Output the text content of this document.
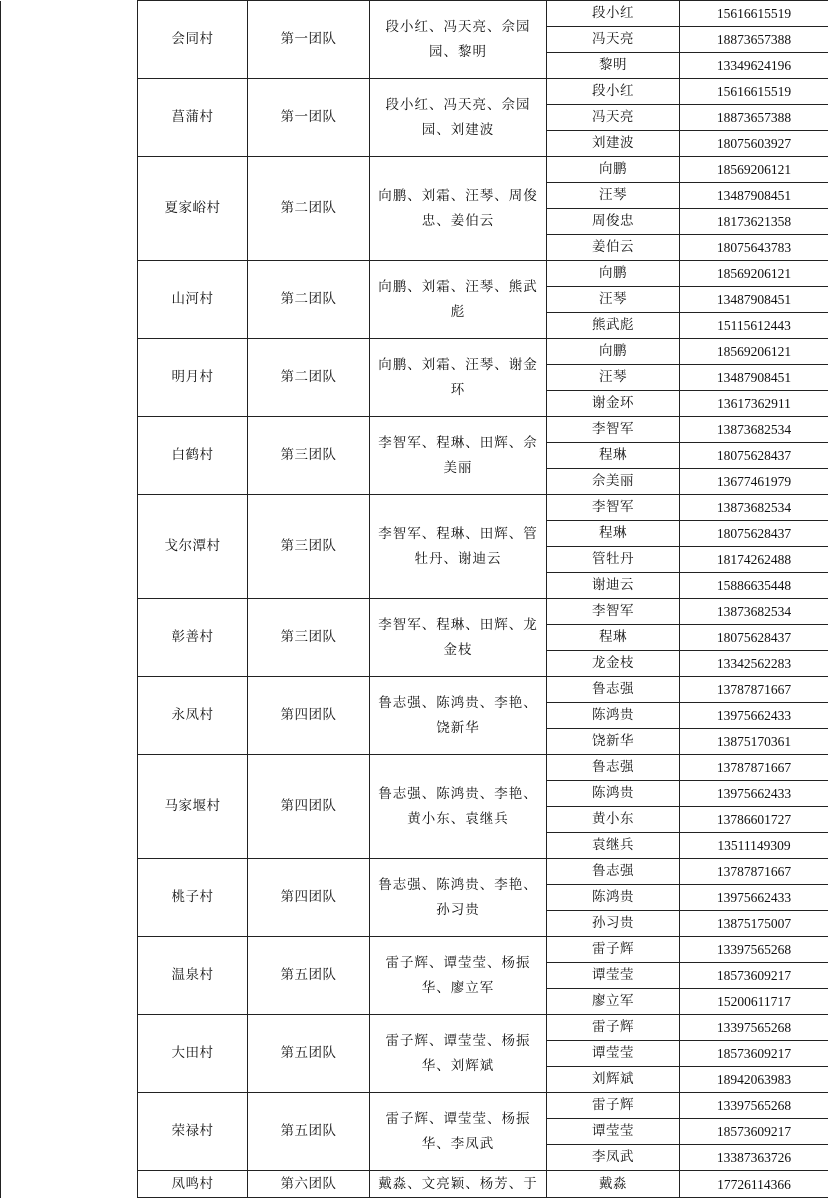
	会同村	第一团队	段小红、冯天亮、佘园园、黎明	段小红	15616615519
				冯天亮	18873657388
				黎明	13349624196
	菖蒲村	第一团队	段小红、冯天亮、佘园园、刘建波	段小红	15616615519
				冯天亮	18873657388
				刘建波	18075603927
	夏家峪村	第二团队	向鹏、刘霜、汪琴、周俊忠、姜伯云	向鹏	18569206121
				汪琴	13487908451
				周俊忠	18173621358
				姜伯云	18075643783
	山河村	第二团队	向鹏、刘霜、汪琴、熊武彪	向鹏	18569206121
				汪琴	13487908451
				熊武彪	15115612443
	明月村	第二团队	向鹏、刘霜、汪琴、谢金环	向鹏	18569206121
				汪琴	13487908451
				谢金环	13617362911
	白鹤村	第三团队	李智军、程琳、田辉、佘美丽	李智军	13873682534
				程琳	18075628437
				佘美丽	13677461979
	戈尔潭村	第三团队	李智军、程琳、田辉、管牡丹、谢迪云	李智军	13873682534
				程琳	18075628437
				管牡丹	18174262488
				谢迪云	15886635448
	彰善村	第三团队	李智军、程琳、田辉、龙金枝	李智军	13873682534
				程琳	18075628437
				龙金枝	13342562283
	永凤村	第四团队	鲁志强、陈鸿贵、李艳、饶新华	鲁志强	13787871667
				陈鸿贵	13975662433
				饶新华	13875170361
	马家堰村	第四团队	鲁志强、陈鸿贵、李艳、黄小东、袁继兵	鲁志强	13787871667
				陈鸿贵	13975662433
				黄小东	13786601727
				袁继兵	13511149309
	桃子村	第四团队	鲁志强、陈鸿贵、李艳、孙习贵	鲁志强	13787871667
				陈鸿贵	13975662433
				孙习贵	13875175007
	温泉村	第五团队	雷子辉、谭莹莹、杨振华、廖立军	雷子辉	13397565268
				谭莹莹	18573609217
				廖立军	15200611717
	大田村	第五团队	雷子辉、谭莹莹、杨振华、刘辉斌	雷子辉	13397565268
				谭莹莹	18573609217
				刘辉斌	18942063983
	荣禄村	第五团队	雷子辉、谭莹莹、杨振华、李凤武	雷子辉	13397565268
				谭莹莹	18573609217
				李凤武	13387363726
	凤鸣村	第六团队	戴淼、文亮颖、杨芳、于	戴淼	17726114366
